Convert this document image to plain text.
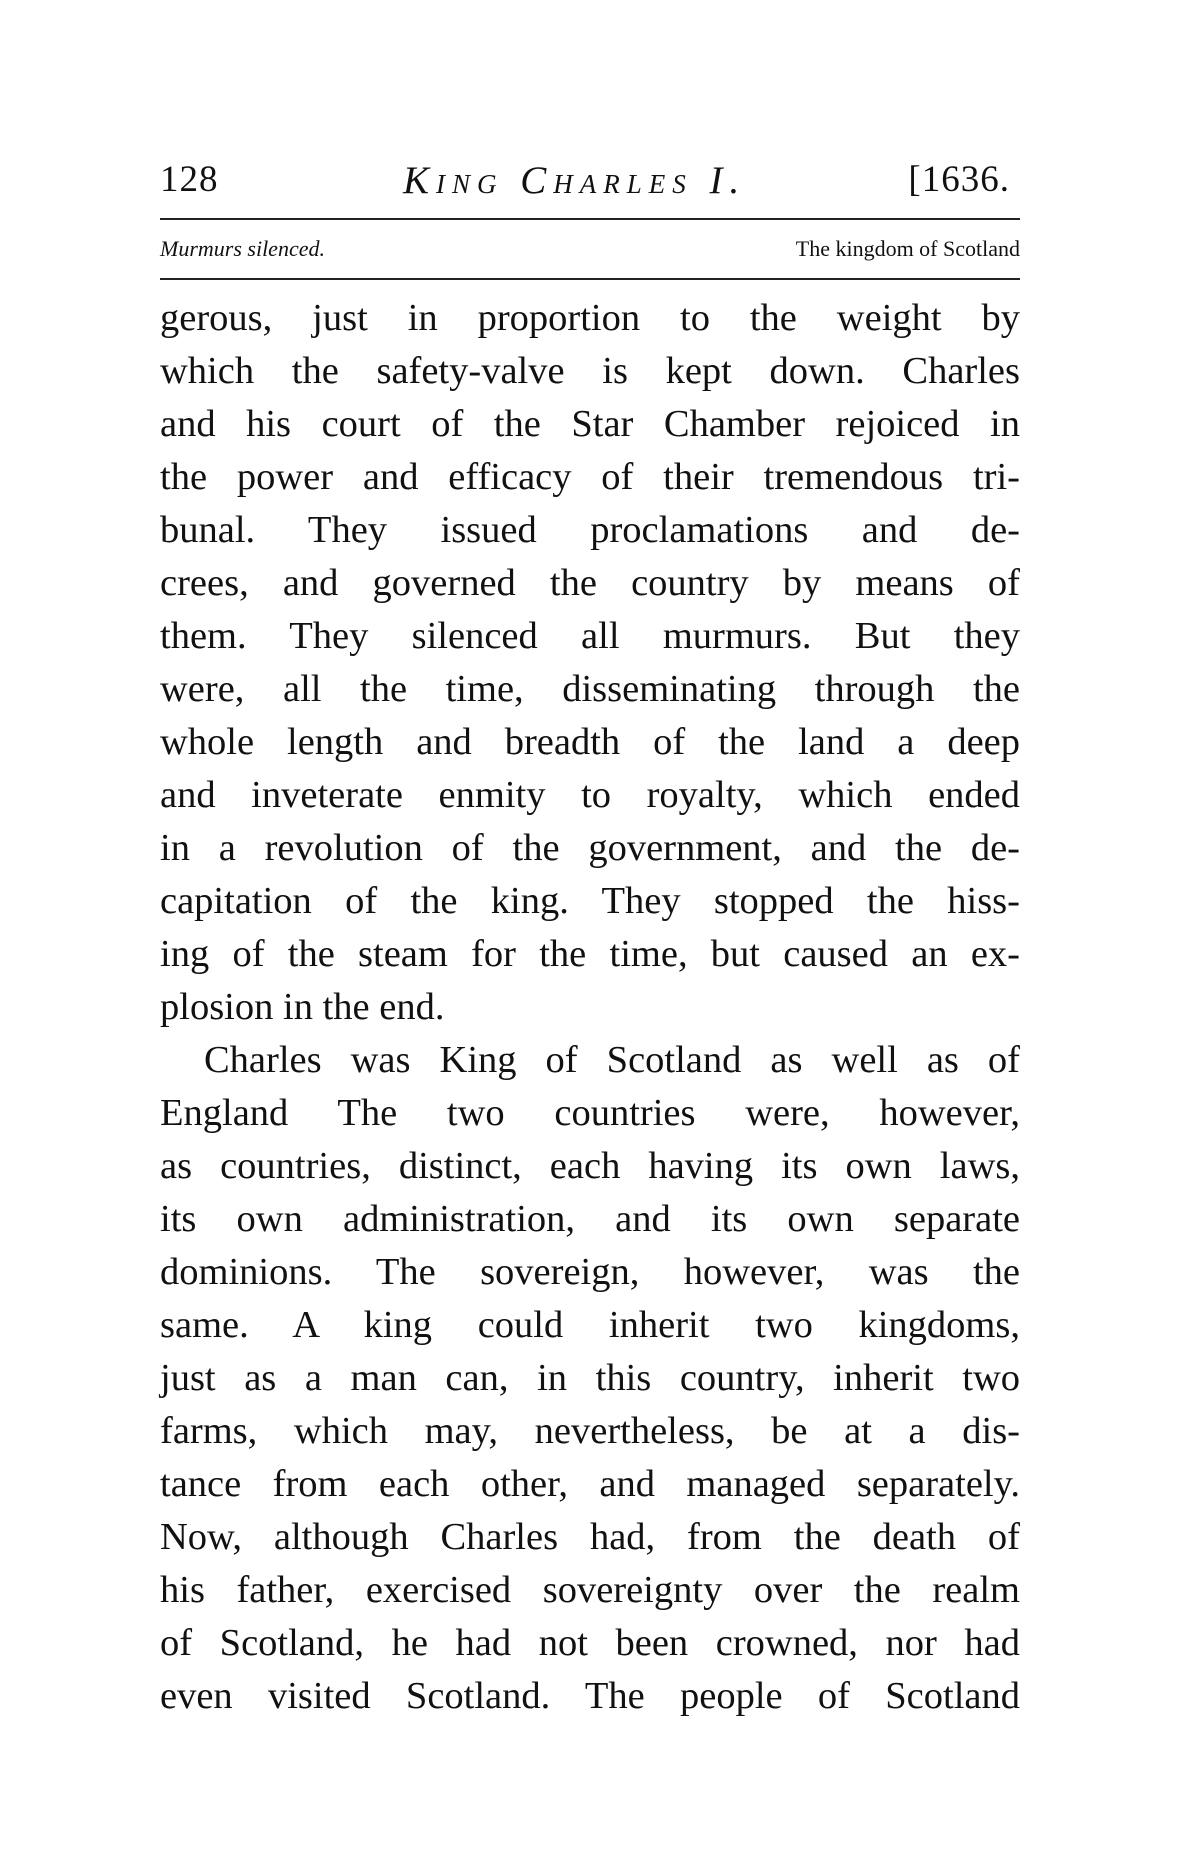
128	King Charles I.	[1636.
Murmurs silenced.	The kingdom of Scotland
gerous, just in proportion to the weight by
which the safety-valve is kept down. Charles
and his court of the Star Chamber rejoiced in
the power and efficacy of their tremendous tri-
bunal. They issued proclamations and de-
crees, and governed the country by means of
them. They silenced all murmurs. But they
were, all the time, disseminating through the
whole length and breadth of the land a deep
and inveterate enmity to royalty, which ended
in a revolution of the government, and the de-
capitation of the king. They stopped the hiss-
ing of the steam for the time, but caused an ex-
plosion in the end.
Charles was King of Scotland as well as of
England The two countries were, however,
as countries, distinct, each having its own laws,
its own administration, and its own separate
dominions. The sovereign, however, was the
same. A king could inherit two kingdoms,
just as a man can, in this country, inherit two
farms, which may, nevertheless, be at a dis-
tance from each other, and managed separately.
Now, although Charles had, from the death of
his father, exercised sovereignty over the realm
of Scotland, he had not been crowned, nor had
even visited Scotland. The people of Scotland
